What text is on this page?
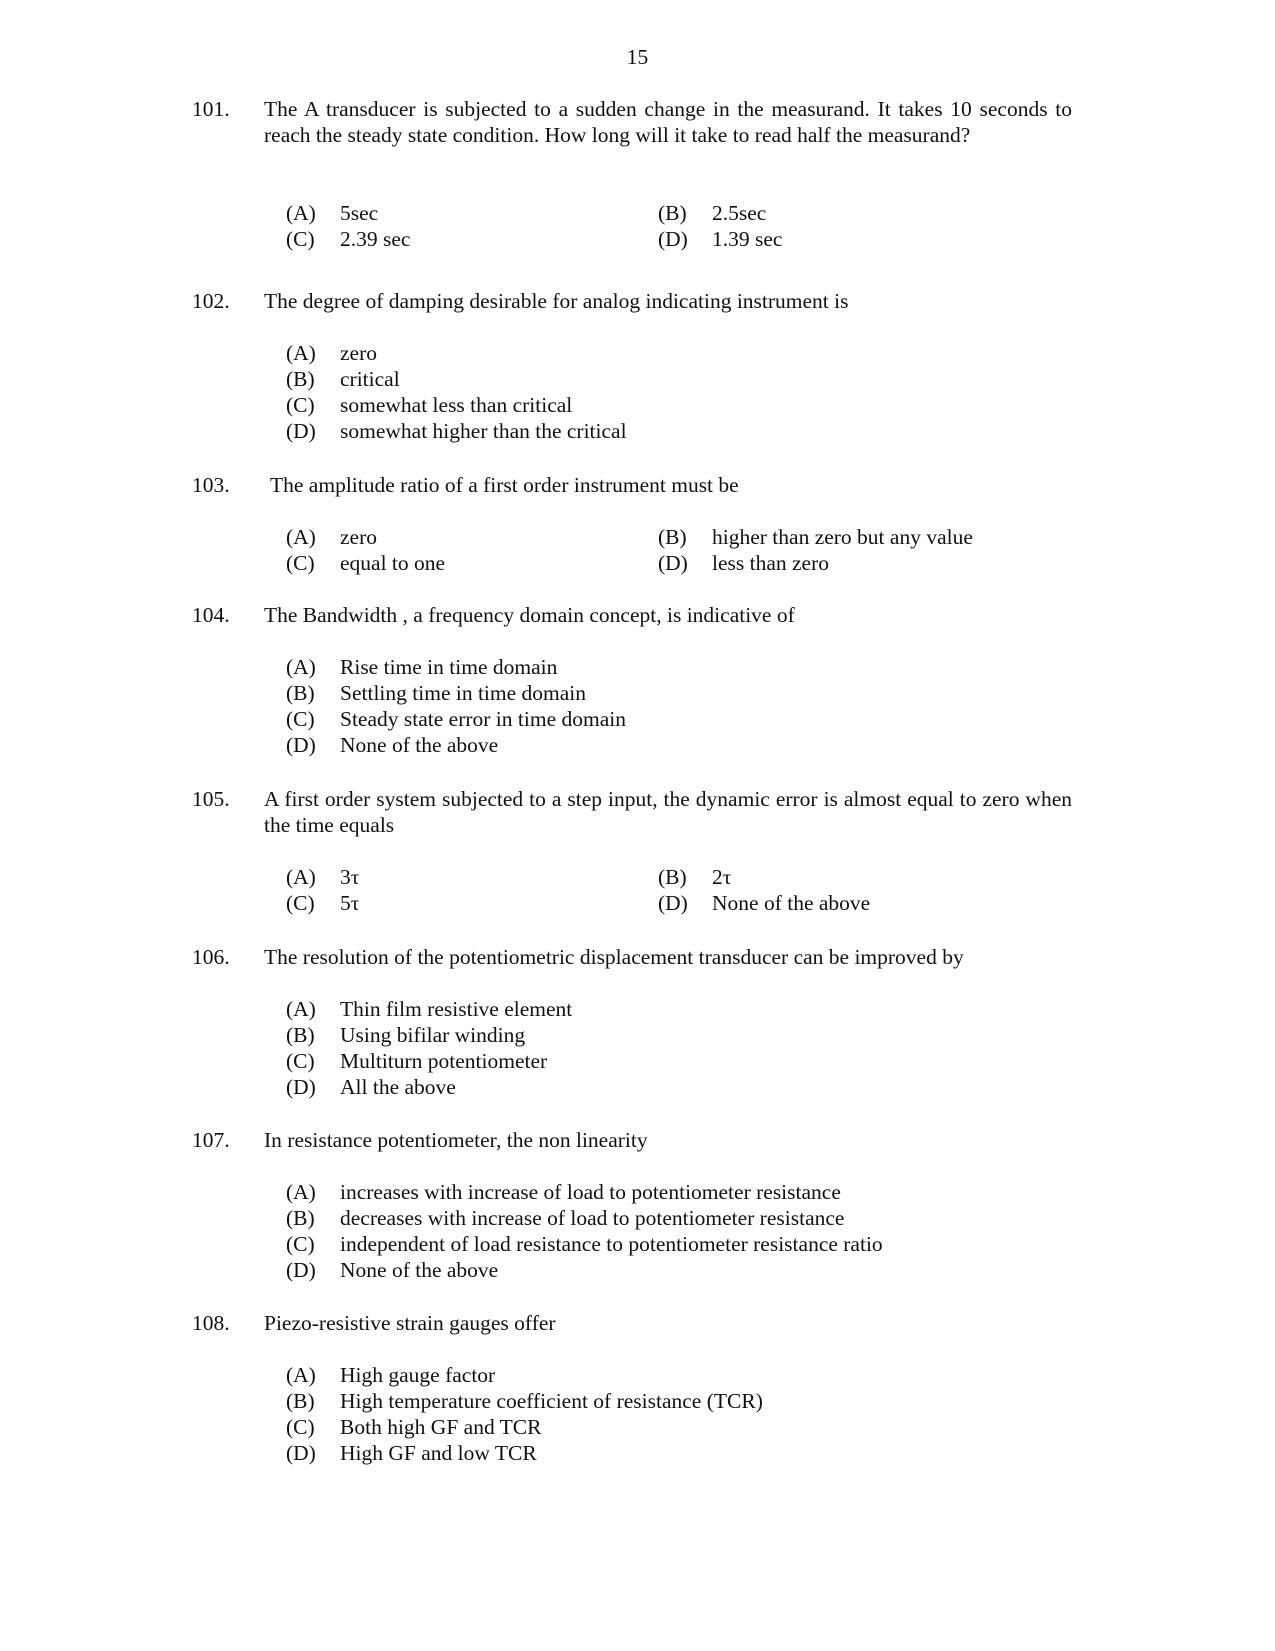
15
101. The A transducer is subjected to a sudden change in the measurand. It takes 10 seconds to reach the steady state condition. How long will it take to read half the measurand?
(A) 5sec	(B) 2.5sec
(C) 2.39 sec	(D) 1.39 sec
102. The degree of damping desirable for analog indicating instrument is
(A) zero
(B) critical
(C) somewhat less than critical
(D) somewhat higher than the critical
103. The amplitude ratio of a first order instrument must be
(A) zero	(B) higher than zero but any value
(C) equal to one	(D) less than zero
104. The Bandwidth , a frequency domain concept, is indicative of
(A) Rise time in time domain
(B) Settling time in time domain
(C) Steady state error in time domain
(D) None of the above
105. A first order system subjected to a step input, the dynamic error is almost equal to zero when the time equals
(A) 3τ	(B) 2τ
(C) 5τ	(D) None of the above
106. The resolution of the potentiometric displacement transducer can be improved by
(A) Thin film resistive element
(B) Using bifilar winding
(C) Multiturn potentiometer
(D) All the above
107. In resistance potentiometer, the non linearity
(A) increases with increase of load to potentiometer resistance
(B) decreases with increase of load to potentiometer resistance
(C) independent of load resistance to potentiometer resistance ratio
(D) None of the above
108. Piezo-resistive strain gauges offer
(A) High gauge factor
(B) High temperature coefficient of resistance (TCR)
(C) Both high GF and TCR
(D) High GF and low TCR
